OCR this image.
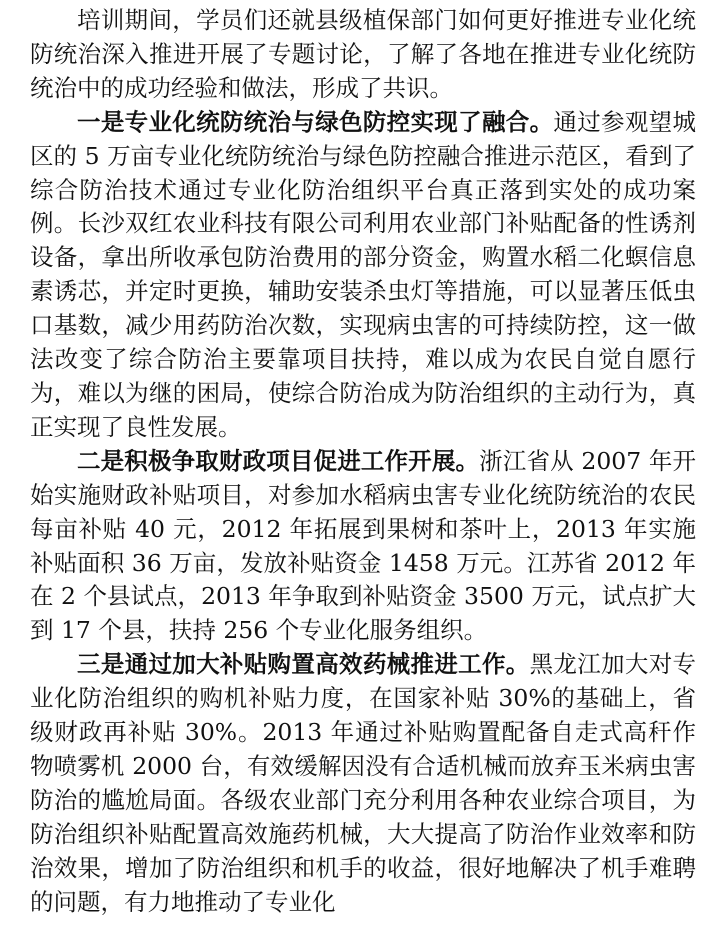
培训期间，学员们还就县级植保部门如何更好推进专业化统防统治深入推进开展了专题讨论，了解了各地在推进专业化统防统治中的成功经验和做法，形成了共识。

一是专业化统防统治与绿色防控实现了融合。通过参观望城区的 5 万亩专业化统防统治与绿色防控融合推进示范区，看到了综合防治技术通过专业化防治组织平台真正落到实处的成功案例。长沙双红农业科技有限公司利用农业部门补贴配备的性诱剂设备，拿出所收承包防治费用的部分资金，购置水稻二化螟信息素诱芯，并定时更换，辅助安装杀虫灯等措施，可以显著压低虫口基数，减少用药防治次数，实现病虫害的可持续防控，这一做法改变了综合防治主要靠项目扶持，难以成为农民自觉自愿行为，难以为继的困局，使综合防治成为防治组织的主动行为，真正实现了良性发展。

二是积极争取财政项目促进工作开展。浙江省从 2007 年开始实施财政补贴项目，对参加水稻病虫害专业化统防统治的农民每亩补贴 40 元，2012 年拓展到果树和茶叶上，2013 年实施补贴面积 36 万亩，发放补贴资金 1458 万元。江苏省 2012 年在 2 个县试点，2013 年争取到补贴资金 3500 万元，试点扩大到 17 个县，扶持 256 个专业化服务组织。

三是通过加大补贴购置高效药械推进工作。黑龙江加大对专业化防治组织的购机补贴力度，在国家补贴 30%的基础上，省级财政再补贴 30%。2013 年通过补贴购置配备自走式高秆作物喷雾机 2000 台，有效缓解因没有合适机械而放弃玉米病虫害防治的尴尬局面。各级农业部门充分利用各种农业综合项目，为防治组织补贴配置高效施药机械，大大提高了防治作业效率和防治效果，增加了防治组织和机手的收益，很好地解决了机手难聘的问题，有力地推动了专业化
